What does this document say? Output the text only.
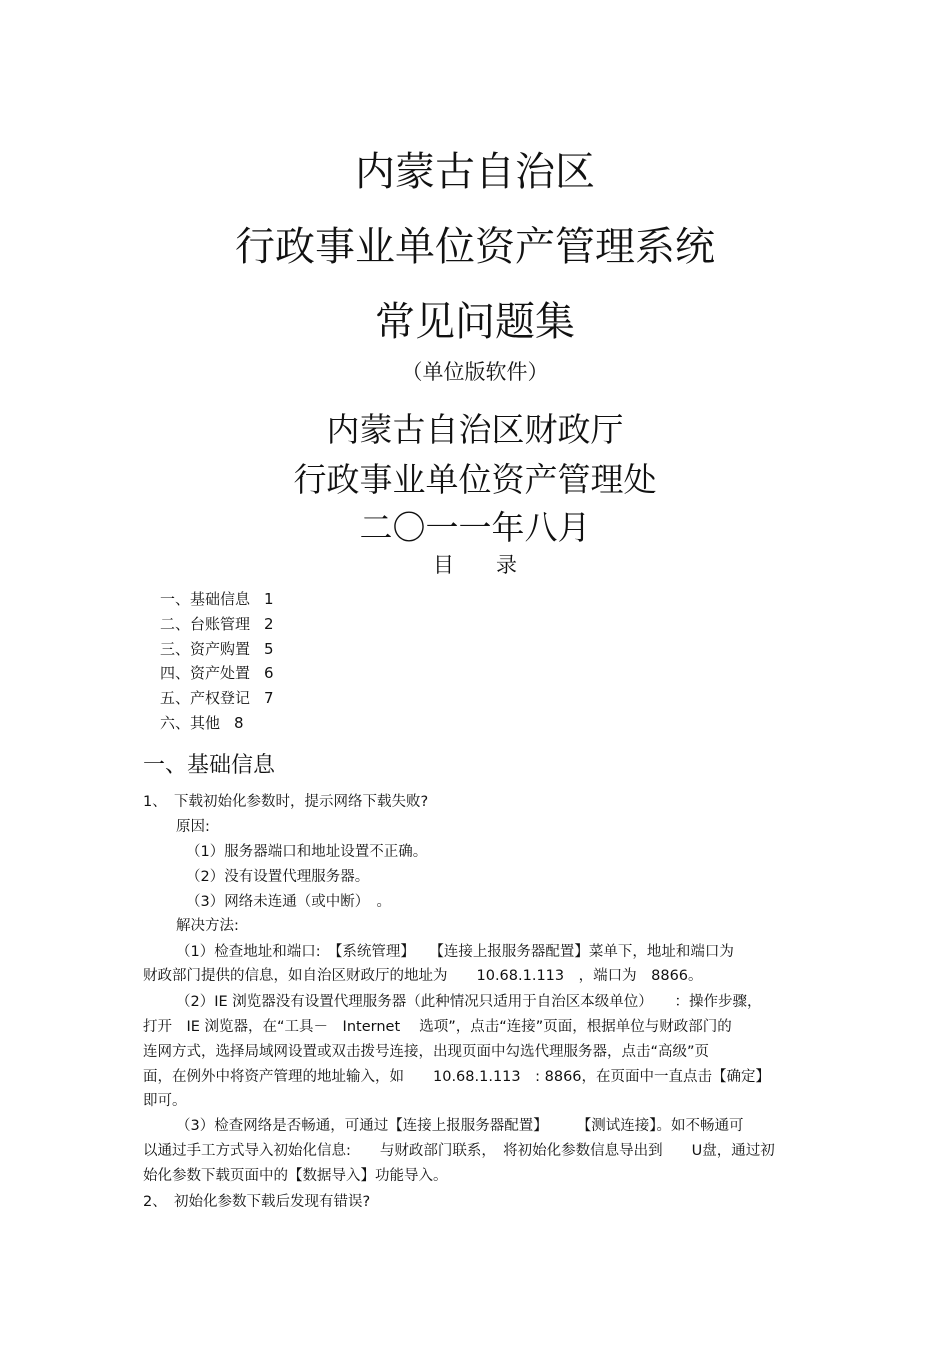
内蒙古自治区
行政事业单位资产管理系统
常见问题集
（单位版软件）
内蒙古自治区财政厅
行政事业单位资产管理处
二〇一一年八月
目　　录
一、基础信息 1
二、台账管理 2
三、资产购置 5
四、资产处置 6
五、产权登记 7
六、其他 8
一、基础信息
1、　下载初始化参数时，提示网络下载失败?
原因:
（1）服务器端口和地址设置不正确。
（2）没有设置代理服务器。
（3）网络未连通（或中断）　。
解决方法:
（1）检查地址和端口:　【系统管理】　　【连接上报服务器配置】菜单下，地址和端口为
财政部门提供的信息，如自治区财政厅的地址为　　10.68.1.113　，端口为　8866。
（2）IE 浏览器没有设置代理服务器（此种情况只适用于自治区本级单位）　　：操作步骤，
打开　IE 浏览器，在“工具－　Internet　 选项”，点击“连接”页面，根据单位与财政部门的
连网方式，选择局域网设置或双击拨号连接，出现页面中勾选代理服务器，点击“高级”页
面，在例外中将资产管理的地址输入，如　　10.68.1.113　: 8866，在页面中一直点击【确定】
即可。
（3）检查网络是否畅通，可通过【连接上报服务器配置】　　　【测试连接】。如不畅通可
以通过手工方式导入初始化信息:　　与财政部门联系，　将初始化参数信息导出到　　U盘，通过初
始化参数下载页面中的【数据导入】功能导入。
2、　初始化参数下载后发现有错误?
